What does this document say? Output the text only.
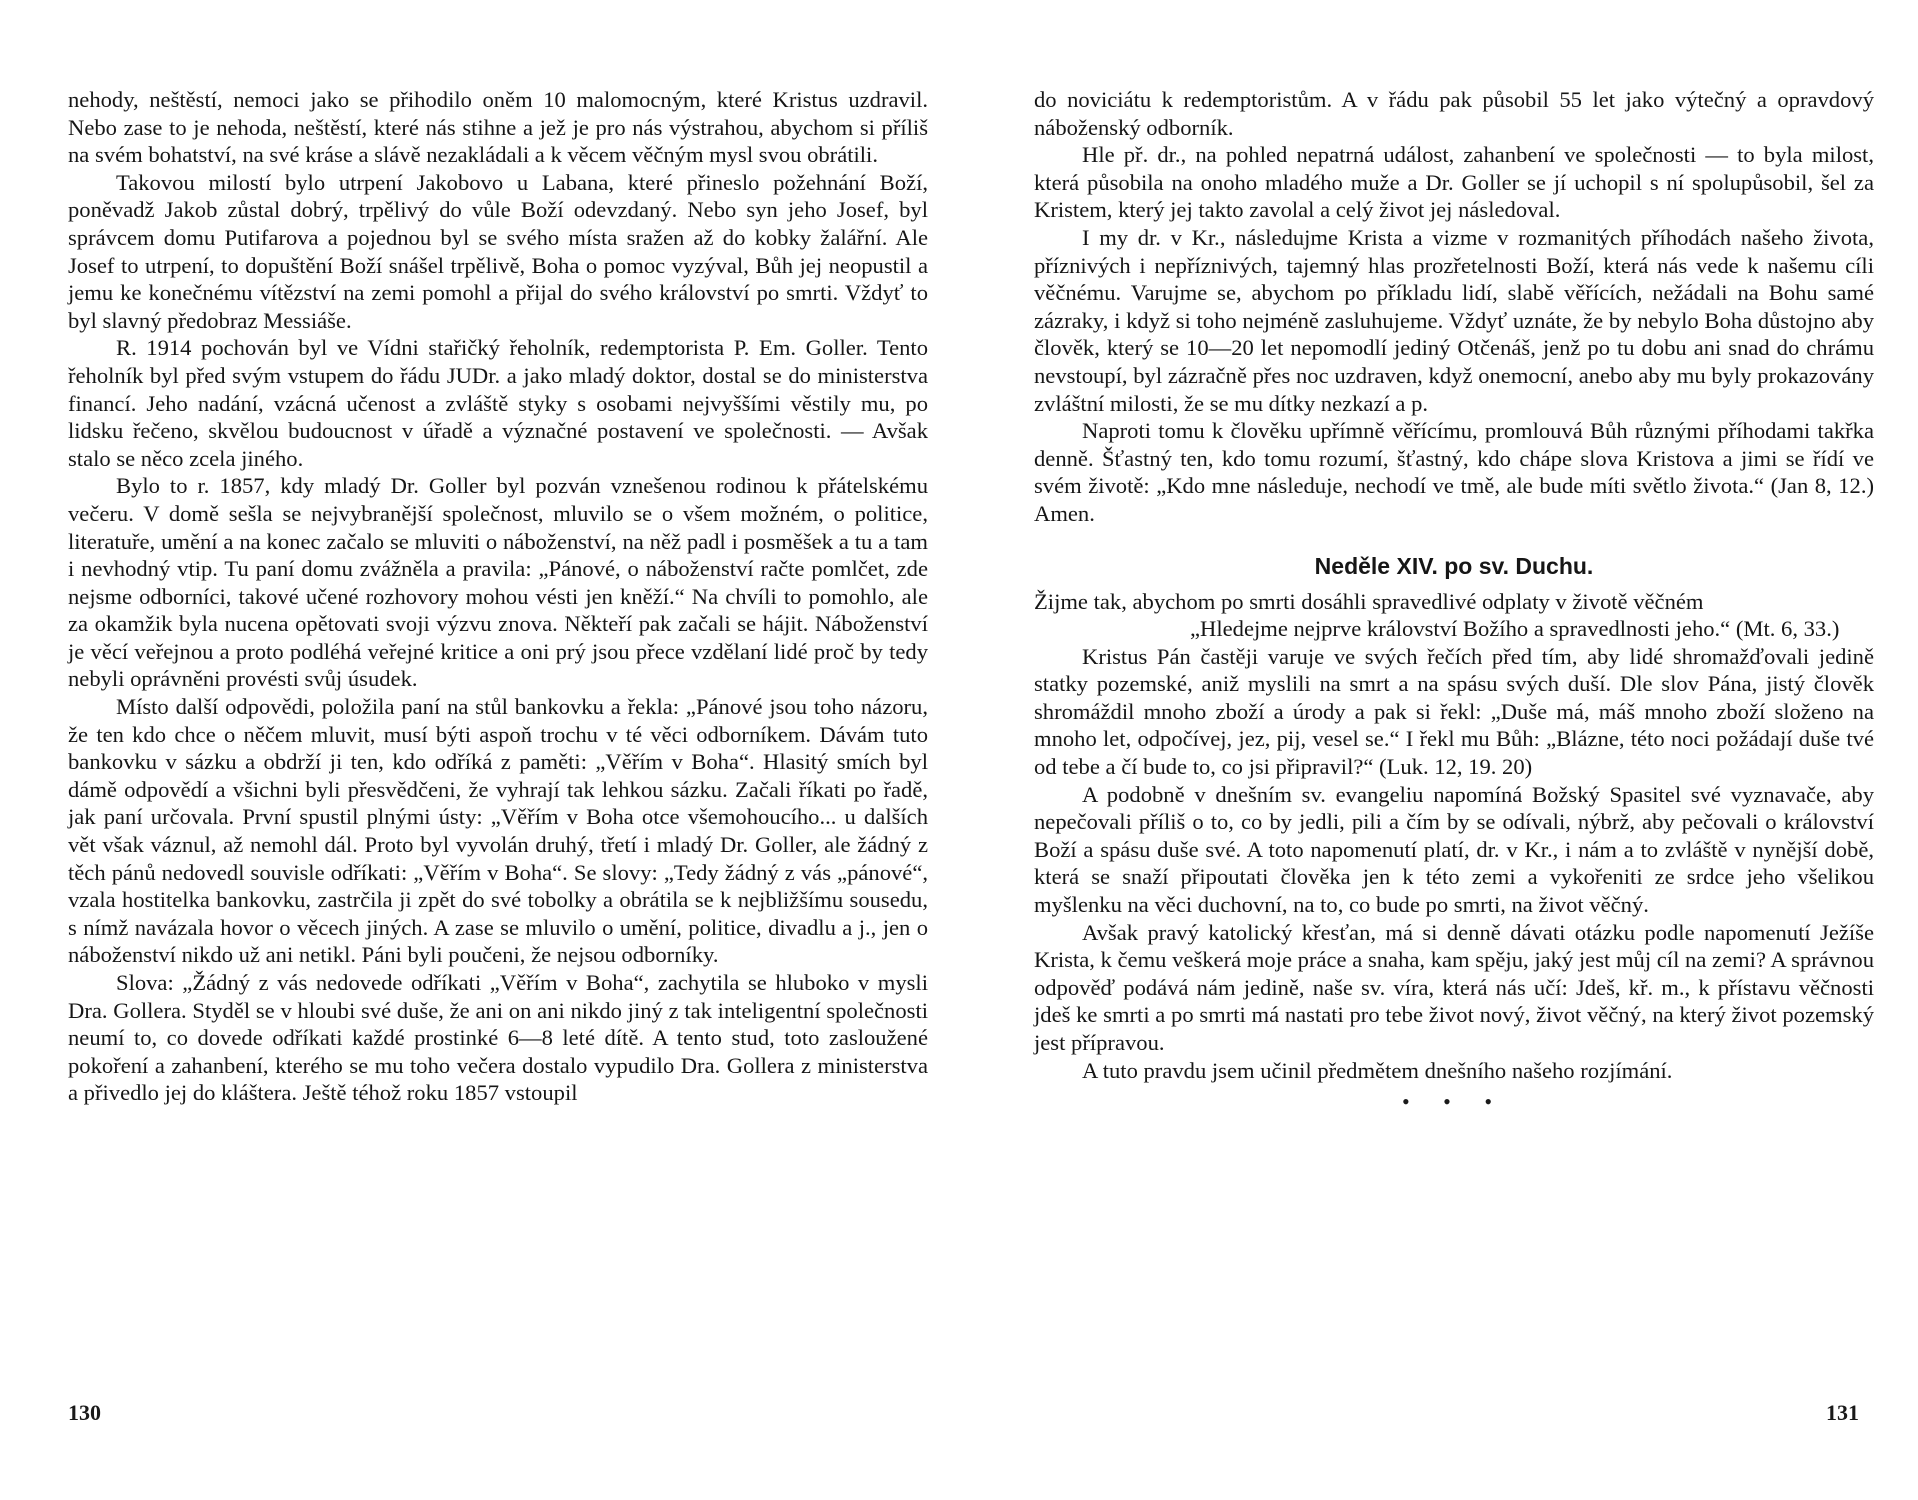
nehody, neštěstí, nemoci jako se přihodilo oněm 10 malomocným, které Kristus uzdravil. Nebo zase to je nehoda, neštěstí, které nás stihne a jež je pro nás výstrahou, abychom si příliš na svém bohatství, na své kráse a slávě nezakládali a k věcem věčným mysl svou obrátili.

Takovou milostí bylo utrpení Jakobovo u Labana, které přineslo požehnání Boží, poněvadž Jakob zůstal dobrý, trpělivý do vůle Boží odevzdaný. Nebo syn jeho Josef, byl správcem domu Putifarova a pojednou byl se svého místa sražen až do kobky žalářní. Ale Josef to utrpení, to dopuštění Boží snášel trpělivě, Boha o pomoc vyzýval, Bůh jej neopustil a jemu ke konečnému vítězství na zemi pomohl a přijal do svého království po smrti. Vždyť to byl slavný předobraz Messiáše.

R. 1914 pochován byl ve Vídni stařičký řeholník, redemptorista P. Em. Goller. Tento řeholník byl před svým vstupem do řádu JUDr. a jako mladý doktor, dostal se do ministerstva financí. Jeho nadání, vzácná učenost a zvláště styky s osobami nejvyššími věstily mu, po lidsku řečeno, skvělou budoucnost v úřadě a význačné postavení ve společnosti. — Avšak stalo se něco zcela jiného.

Bylo to r. 1857, kdy mladý Dr. Goller byl pozván vznešenou rodinou k přátelskému večeru. V domě sešla se nejvybranější společnost, mluvilo se o všem možném, o politice, literatuře, umění a na konec začalo se mluviti o náboženství, na něž padl i posměšek a tu a tam i nevhodný vtip. Tu paní domu zvážněla a pravila: „Pánové, o náboženství račte pomlčet, zde nejsme odborníci, takové učené rozhovory mohou vésti jen kněží.“ Na chvíli to pomohlo, ale za okamžik byla nucena opětovati svoji výzvu znova. Někteří pak začali se hájit. Náboženství je věcí veřejnou a proto podléhá veřejné kritice a oni prý jsou přece vzdělaní lidé proč by tedy nebyli oprávněni provésti svůj úsudek.

Místo další odpovědi, položila paní na stůl bankovku a řekla: „Pánové jsou toho názoru, že ten kdo chce o něčem mluvit, musí býti aspoň trochu v té věci odborníkem. Dávám tuto bankovku v sázku a obdrží ji ten, kdo odříká z paměti: „Věřím v Boha“. Hlasitý smích byl dámě odpovědí a všichni byli přesvědčeni, že vyhrají tak lehkou sázku. Začali říkati po řadě, jak paní určovala. První spustil plnými ústy: „Věřím v Boha otce všemohoucího... u dalších vět však váznul, až nemohl dál. Proto byl vyvolán druhý, třetí i mladý Dr. Goller, ale žádný z těch pánů nedovedl souvisle odříkati: „Věřím v Boha“. Se slovy: „Tedy žádný z vás „pánové“, vzala hostitelka bankovku, zastrčila ji zpět do své tobolky a obrátila se k nejbližšímu sousedu, s nímž navázala hovor o věcech jiných. A zase se mluvilo o umění, politice, divadlu a j., jen o náboženství nikdo už ani netikl. Páni byli poučeni, že nejsou odborníky.

Slova: „Žádný z vás nedovede odříkati „Věřím v Boha“, zachytila se hluboko v mysli Dra. Gollera. Styděl se v hloubi své duše, že ani on ani nikdo jiný z tak inteligentní společnosti neumí to, co dovede odříkati každé prostinké 6—8 leté dítě. A tento stud, toto zasloužené pokoření a zahanbení, kterého se mu toho večera dostalo vypudilo Dra. Gollera z ministerstva a přivedlo jej do kláštera. Ještě téhož roku 1857 vstoupil

130

do noviciátu k redemptoristům. A v řádu pak působil 55 let jako výtečný a opravdový náboženský odborník.

Hle př. dr., na pohled nepatrná událost, zahanbení ve společnosti — to byla milost, která působila na onoho mladého muže a Dr. Goller se jí uchopil s ní spolupůsobil, šel za Kristem, který jej takto zavolal a celý život jej následoval.

I my dr. v Kr., následujme Krista a vizme v rozmanitých příhodách našeho života, příznivých i nepříznivých, tajemný hlas prozřetelnosti Boží, která nás vede k našemu cíli věčnému. Varujme se, abychom po příkladu lidí, slabě věřících, nežádali na Bohu samé zázraky, i když si toho nejméně zasluhujeme. Vždyť uznáte, že by nebylo Boha důstojno aby člověk, který se 10—20 let nepomodlí jediný Otčenáš, jenž po tu dobu ani snad do chrámu nevstoupí, byl zázračně přes noc uzdraven, když onemocní, anebo aby mu byly prokazovány zvláštní milosti, že se mu dítky nezkazí a p.

Naproti tomu k člověku upřímně věřícímu, promlouvá Bůh různými příhodami takřka denně. Šťastný ten, kdo tomu rozumí, šťastný, kdo chápe slova Kristova a jimi se řídí ve svém životě: „Kdo mne následuje, nechodí ve tmě, ale bude míti světlo života.“ (Jan 8, 12.) Amen.

Neděle XIV. po sv. Duchu.

Žijme tak, abychom po smrti dosáhli spravedlivé odplaty v životě věčném

„Hledejme nejprve království Božího a spravedlnosti jeho.“ (Mt. 6, 33.)

Kristus Pán častěji varuje ve svých řečích před tím, aby lidé shromažďovali jedině statky pozemské, aniž myslili na smrt a na spásu svých duší. Dle slov Pána, jistý člověk shromáždil mnoho zboží a úrody a pak si řekl: „Duše má, máš mnoho zboží složeno na mnoho let, odpočívej, jez, pij, vesel se.“ I řekl mu Bůh: „Blázne, této noci požádají duše tvé od tebe a čí bude to, co jsi připravil?“ (Luk. 12, 19. 20)

A podobně v dnešním sv. evangeliu napomíná Božský Spasitel své vyznavače, aby nepečovali příliš o to, co by jedli, pili a čím by se odívali, nýbrž, aby pečovali o království Boží a spásu duše své. A toto napomenutí platí, dr. v Kr., i nám a to zvláště v nynější době, která se snaží připoutati člověka jen k této zemi a vykořeniti ze srdce jeho všelikou myšlenku na věci duchovní, na to, co bude po smrti, na život věčný.

Avšak pravý katolický křesťan, má si denně dávati otázku podle napomenutí Ježíše Krista, k čemu veškerá moje práce a snaha, kam spěju, jaký jest můj cíl na zemi? A správnou odpověď podává nám jedině, naše sv. víra, která nás učí: Jdeš, kř. m., k přístavu věčnosti jdeš ke smrti a po smrti má nastati pro tebe život nový, život věčný, na který život pozemský jest přípravou.

A tuto pravdu jsem učinil předmětem dnešního našeho rozjímání.

• • •
131
